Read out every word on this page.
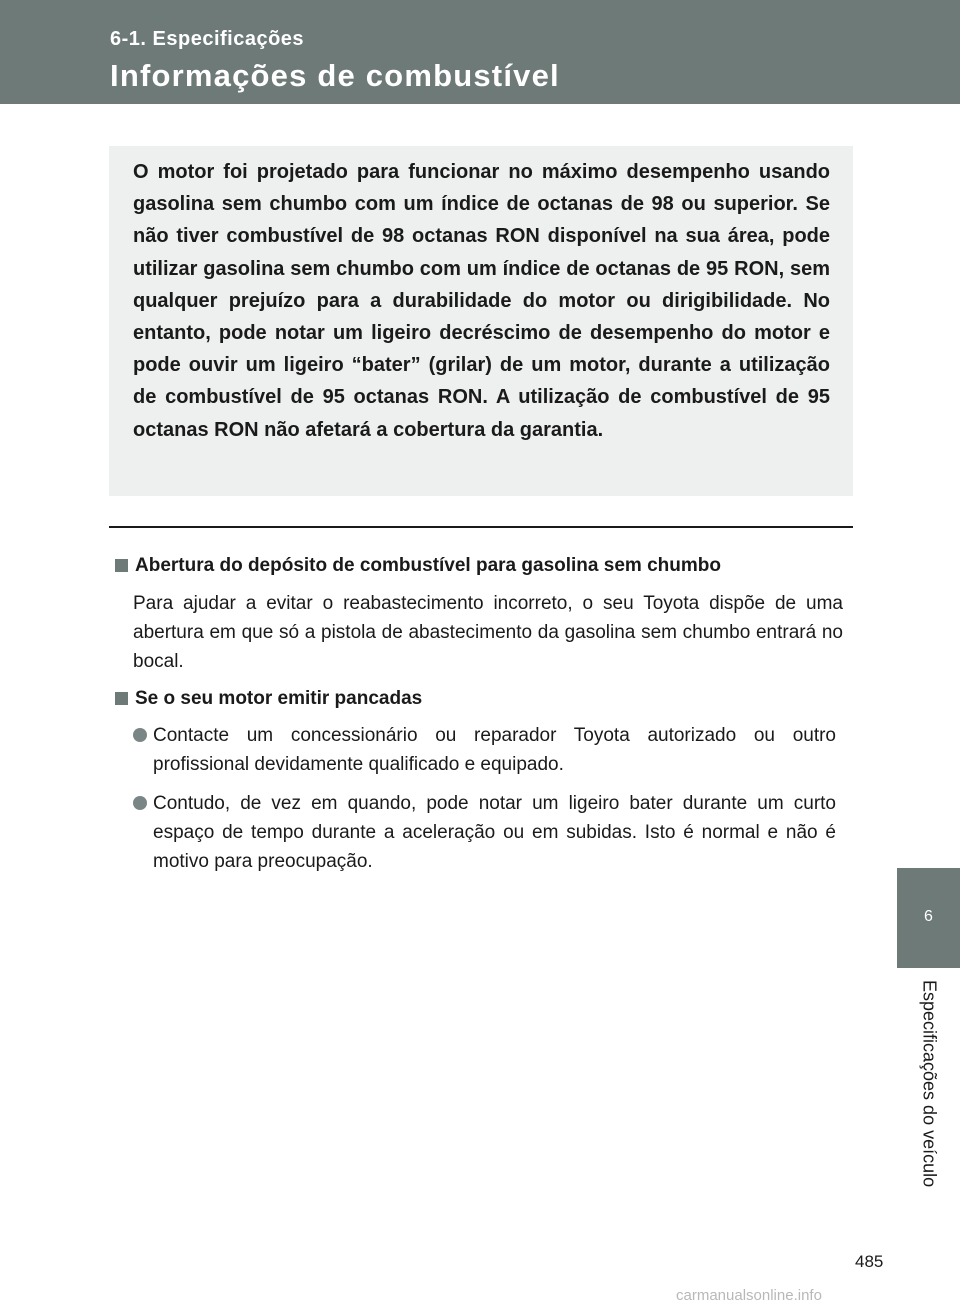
6-1. Especificações
Informações de combustível
O motor foi projetado para funcionar no máximo desempenho usando gasolina sem chumbo com um índice de octanas de 98 ou superior. Se não tiver combustível de 98 octanas RON disponível na sua área, pode utilizar gasolina sem chumbo com um índice de octanas de 95 RON, sem qualquer prejuízo para a durabilidade do motor ou dirigibilidade. No entanto, pode notar um ligeiro decréscimo de desempenho do motor e pode ouvir um ligeiro “bater” (grilar) de um motor, durante a utilização de combustível de 95 octanas RON. A utilização de combustível de 95 octanas RON não afetará a cobertura da garantia.
Abertura do depósito de combustível para gasolina sem chumbo
Para ajudar a evitar o reabastecimento incorreto, o seu Toyota dispõe de uma abertura em que só a pistola de abastecimento da gasolina sem chumbo entrará no bocal.
Se o seu motor emitir pancadas
Contacte um concessionário ou reparador Toyota autorizado ou outro profissional devidamente qualificado e equipado.
Contudo, de vez em quando, pode notar um ligeiro bater durante um curto espaço de tempo durante a aceleração ou em subidas. Isto é normal e não é motivo para preocupação.
6
Especificações do veículo
485
carmanualsonline.info
